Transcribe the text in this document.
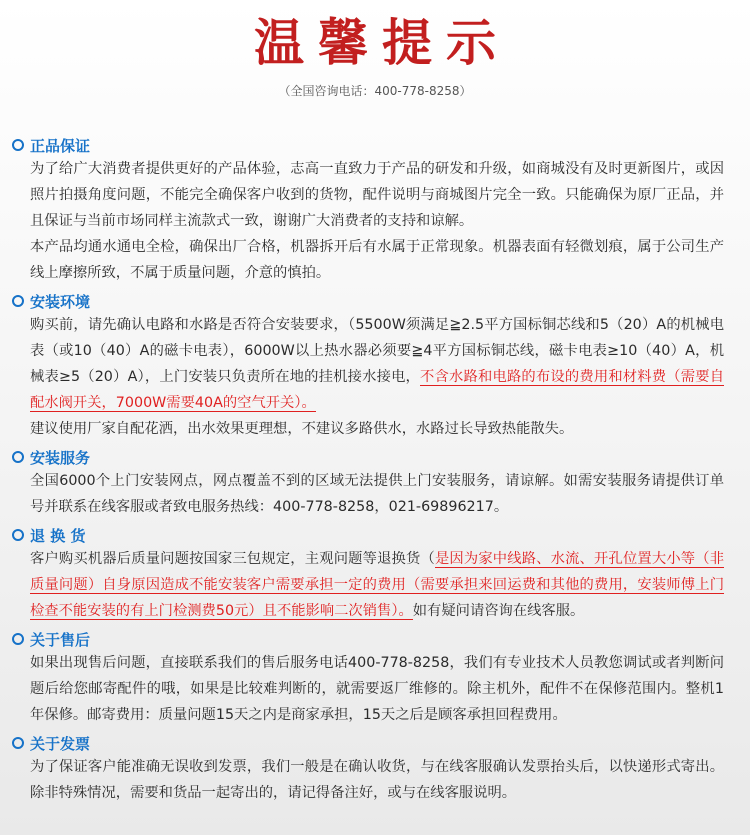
温馨提示
（全国咨询电话：400-778-8258）
正品保证
为了给广大消费者提供更好的产品体验，志高一直致力于产品的研发和升级，如商城没有及时更新图片，或因照片拍摄角度问题，不能完全确保客户收到的货物，配件说明与商城图片完全一致。只能确保为原厂正品，并且保证与当前市场同样主流款式一致，谢谢广大消费者的支持和谅解。
本产品均通水通电全检，确保出厂合格，机器拆开后有水属于正常现象。机器表面有轻微划痕，属于公司生产线上摩擦所致，不属于质量问题，介意的慎拍。
安装环境
购买前，请先确认电路和水路是否符合安装要求，（5500W须满足≧2.5平方国标铜芯线和5（20）A的机械电表（或10（40）A的磁卡电表），6000W以上热水器必须要≧4平方国标铜芯线，磁卡电表≥10（40）A，机械表≥5（20）A），上门安装只负责所在地的挂机接水接电，不含水路和电路的布设的费用和材料费（需要自配水阀开关，7000W需要40A的空气开关）。
建议使用厂家自配花洒，出水效果更理想，不建议多路供水，水路过长导致热能散失。
安装服务
全国6000个上门安装网点，网点覆盖不到的区域无法提供上门安装服务，请谅解。如需安装服务请提供订单号并联系在线客服或者致电服务热线：400-778-8258，021-69896217。
退 换 货
客户购买机器后质量问题按国家三包规定，主观问题等退换货（是因为家中线路、水流、开孔位置大小等（非质量问题）自身原因造成不能安装客户需要承担一定的费用（需要承担来回运费和其他的费用，安装师傅上门检查不能安装的有上门检测费50元）且不能影响二次销售）。如有疑问请咨询在线客服。
关于售后
如果出现售后问题，直接联系我们的售后服务电话400-778-8258，我们有专业技术人员教您调试或者判断问题后给您邮寄配件的哦，如果是比较难判断的，就需要返厂维修的。除主机外，配件不在保修范围内。整机1年保修。邮寄费用：质量问题15天之内是商家承担，15天之后是顾客承担回程费用。
关于发票
为了保证客户能准确无误收到发票，我们一般是在确认收货，与在线客服确认发票抬头后，以快递形式寄出。除非特殊情况，需要和货品一起寄出的，请记得备注好，或与在线客服说明。
